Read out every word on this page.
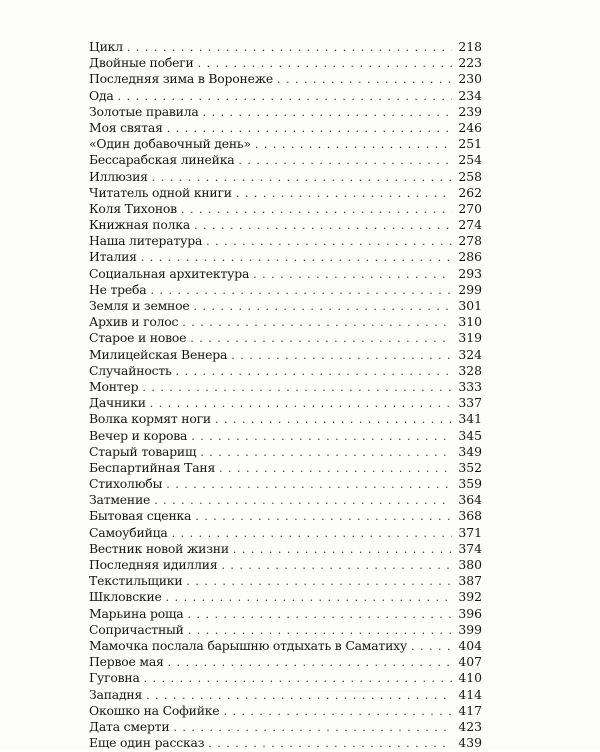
Цикл . . .	218
Двойные побеги . . .	223
Последняя зима в Воронеже . . .	230
Ода . . .	234
Золотые правила . . .	239
Моя святая . . .	246
«Один добавочный день» . . .	251
Бессарабская линейка . . .	254
Иллюзия . . .	258
Читатель одной книги . . .	262
Коля Тихонов . . .	270
Книжная полка . . .	274
Наша литература . . .	278
Италия . . .	286
Социальная архитектура . . .	293
Не треба . . .	299
Земля и земное . . .	301
Архив и голос . . .	310
Старое и новое . . .	319
Милицейская Венера . . .	324
Случайность . . .	328
Монтер . . .	333
Дачники . . .	337
Волка кормят ноги . . .	341
Вечер и корова . . .	345
Старый товарищ . . .	349
Беспартийная Таня . . .	352
Стихолюбы . . .	359
Затмение . . .	364
Бытовая сценка . . .	368
Самоубийца . . .	371
Вестник новой жизни . . .	374
Последняя идиллия . . .	380
Текстильщики . . .	387
Шкловские . . .	392
Марьина роща . . .	396
Сопричастный . . .	399
Мамочка послала барышню отдыхать в Саматиху . . .	404
Первое мая . . .	407
Гуговна . . .	410
Западня . . .	414
Окошко на Софийке . . .	417
Дата смерти . . .	423
Еще один рассказ . . .	439
